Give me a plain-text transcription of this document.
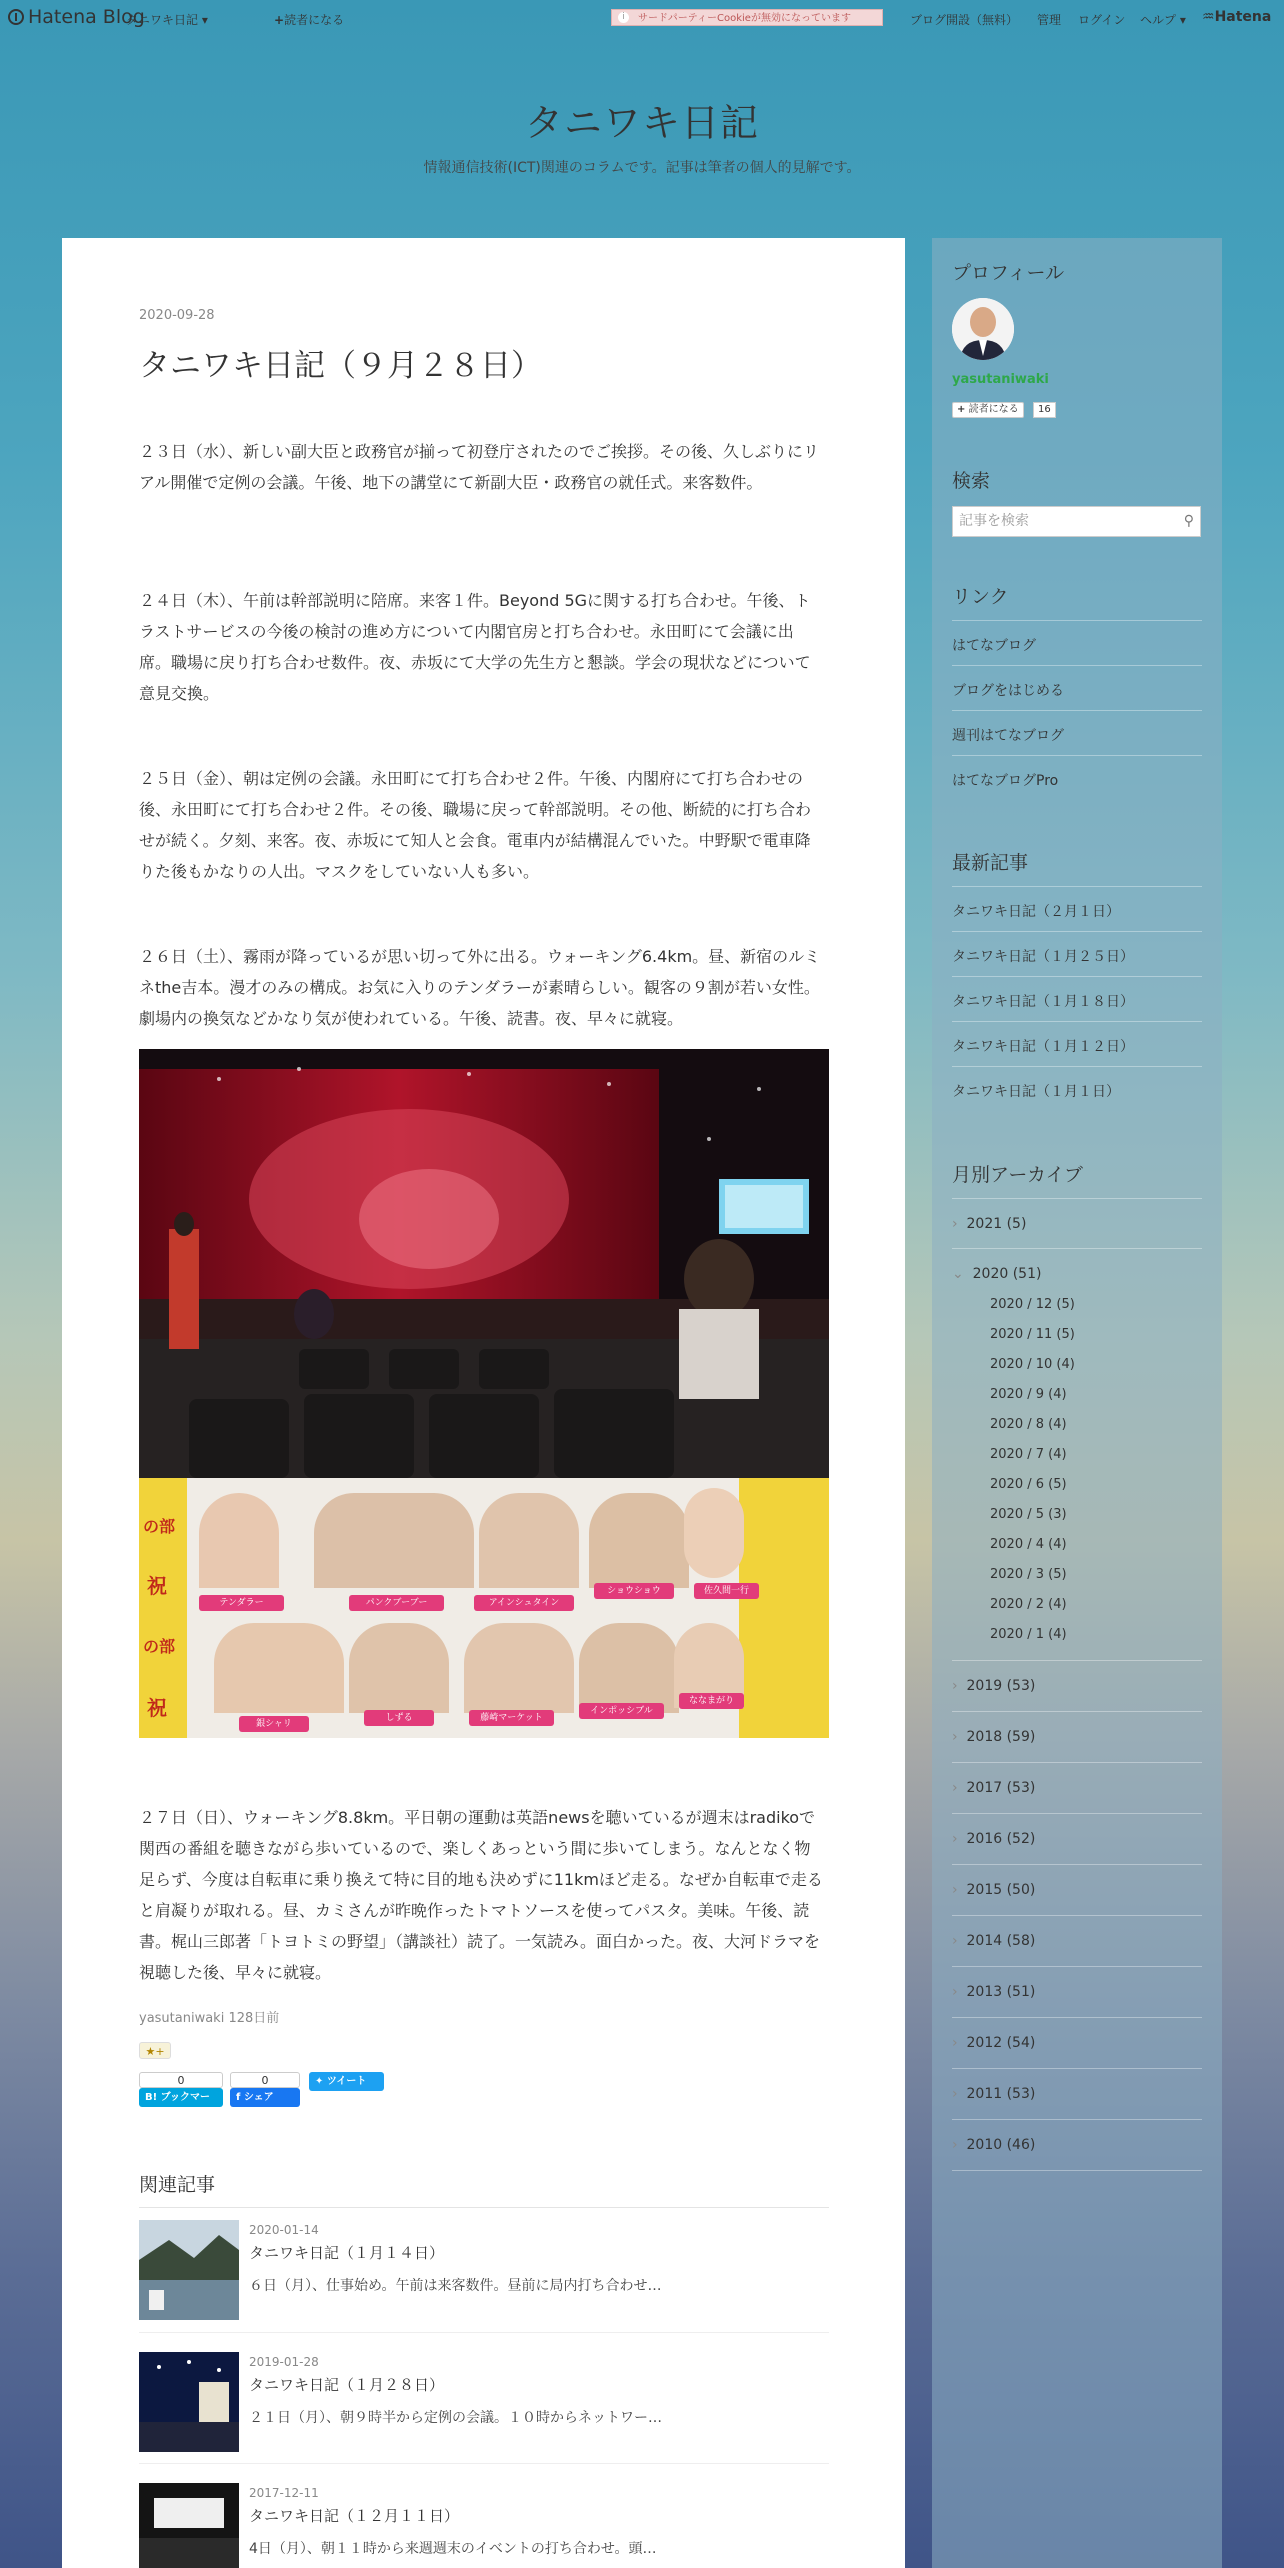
Hatena Blog
タニワキ日記 ▾	+読者になる	i	サードパーティーCookieが無効になっています	ブログ開設（無料） 管理 ログイン ヘルプ ▾ ♒Hatena
タニワキ日記
情報通信技術(ICT)関連のコラムです。記事は筆者の個人的見解です。
2020-09-28
タニワキ日記（９月２８日）
２３日（水）、新しい副大臣と政務官が揃って初登庁されたのでご挨拶。その後、久しぶりにリアル開催で定例の会議。午後、地下の講堂にて新副大臣・政務官の就任式。来客数件。
２４日（木）、午前は幹部説明に陪席。来客１件。Beyond 5Gに関する打ち合わせ。午後、トラストサービスの今後の検討の進め方について内閣官房と打ち合わせ。永田町にて会議に出席。職場に戻り打ち合わせ数件。夜、赤坂にて大学の先生方と懇談。学会の現状などについて意見交換。
２５日（金）、朝は定例の会議。永田町にて打ち合わせ２件。午後、内閣府にて打ち合わせの後、永田町にて打ち合わせ２件。その後、職場に戻って幹部説明。その他、断続的に打ち合わせが続く。夕刻、来客。夜、赤坂にて知人と会食。電車内が結構混んでいた。中野駅で電車降りた後もかなりの人出。マスクをしていない人も多い。
２６日（土）、霧雨が降っているが思い切って外に出る。ウォーキング6.4km。昼、新宿のルミネthe吉本。漫才のみの構成。お気に入りのテンダラーが素晴らしい。観客の９割が若い女性。劇場内の換気などかなり気が使われている。午後、読書。夜、早々に就寝。
の部
祝
の部
祝
テンダラー	パンクブーブー	アインシュタイン
ショウショウ	佐久間一行
銀シャリ
しずる	藤崎マーケット
インポッシブル
ななまがり
２７日（日）、ウォーキング8.8km。平日朝の運動は英語newsを聴いているが週末はradikoで関西の番組を聴きながら歩いているので、楽しくあっという間に歩いてしまう。なんとなく物足らず、今度は自転車に乗り換えて特に目的地も決めずに11kmほど走る。なぜか自転車で走ると肩凝りが取れる。昼、カミさんが昨晩作ったトマトソースを使ってパスタ。美味。午後、読書。梶山三郎著「トヨトミの野望」（講談社）読了。一気読み。面白かった。夜、大河ドラマを視聴した後、早々に就寝。
yasutaniwaki 128日前
★+
0
B! ブックマーク
0
f シェア
✦ ツイート
関連記事
2020-01-14
タニワキ日記（１月１４日）
６日（月）、仕事始め。午前は来客数件。昼前に局内打ち合わせ…
2019-01-28
タニワキ日記（１月２８日）
２１日（月）、朝９時半から定例の会議。１０時からネットワー…
2017-12-11
タニワキ日記（１２月１１日）
4日（月）、朝１１時から来週週末のイベントの打ち合わせ。頭…
プロフィール
yasutaniwaki
+ 読者になる	16
検索
記事を検索	⚲
リンク
はてなブログ
ブログをはじめる
週刊はてなブログ
はてなブログPro
最新記事
タニワキ日記（２月１日）
タニワキ日記（１月２５日）
タニワキ日記（１月１８日）
タニワキ日記（１月１２日）
タニワキ日記（１月１日）
月別アーカイブ
› 2021 (5)
⌄ 2020 (51)
2020 / 12 (5)
2020 / 11 (5)
2020 / 10 (4)
2020 / 9 (4)
2020 / 8 (4)
2020 / 7 (4)
2020 / 6 (5)
2020 / 5 (3)
2020 / 4 (4)
2020 / 3 (5)
2020 / 2 (4)
2020 / 1 (4)
› 2019 (53)
› 2018 (59)
› 2017 (53)
› 2016 (52)
› 2015 (50)
› 2014 (58)
› 2013 (51)
› 2012 (54)
› 2011 (53)
› 2010 (46)
